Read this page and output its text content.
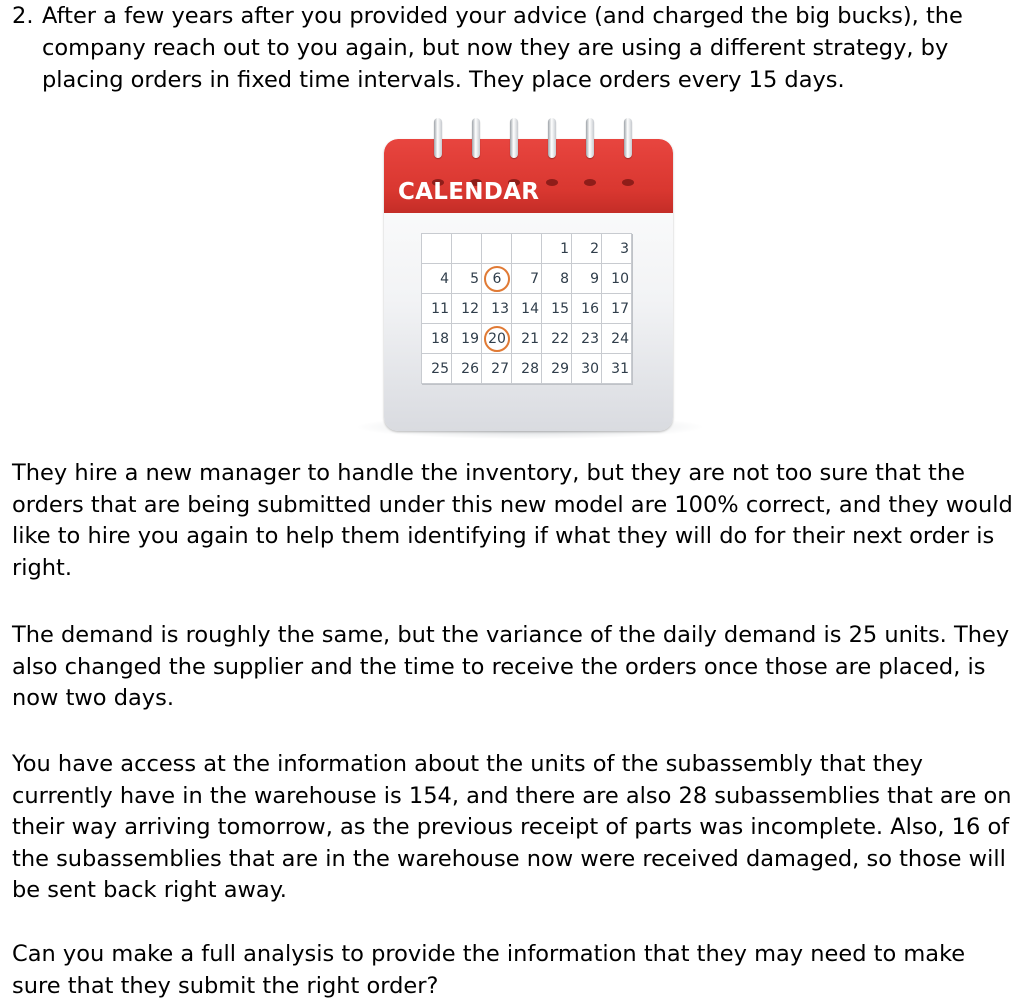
2. After a few years after you provided your advice (and charged the big bucks), the company reach out to you again, but now they are using a different strategy, by placing orders in fixed time intervals. They place orders every 15 days.
CALENDAR
				1	2	3
4	5	6	7	8	9	10
11	12	13	14	15	16	17
18	19	20	21	22	23	24
25	26	27	28	29	30	31

They hire a new manager to handle the inventory, but they are not too sure that the orders that are being submitted under this new model are 100% correct, and they would like to hire you again to help them identifying if what they will do for their next order is right.

The demand is roughly the same, but the variance of the daily demand is 25 units. They also changed the supplier and the time to receive the orders once those are placed, is now two days.

You have access at the information about the units of the subassembly that they currently have in the warehouse is 154, and there are also 28 subassemblies that are on their way arriving tomorrow, as the previous receipt of parts was incomplete. Also, 16 of the subassemblies that are in the warehouse now were received damaged, so those will be sent back right away.

Can you make a full analysis to provide the information that they may need to make sure that they submit the right order?
